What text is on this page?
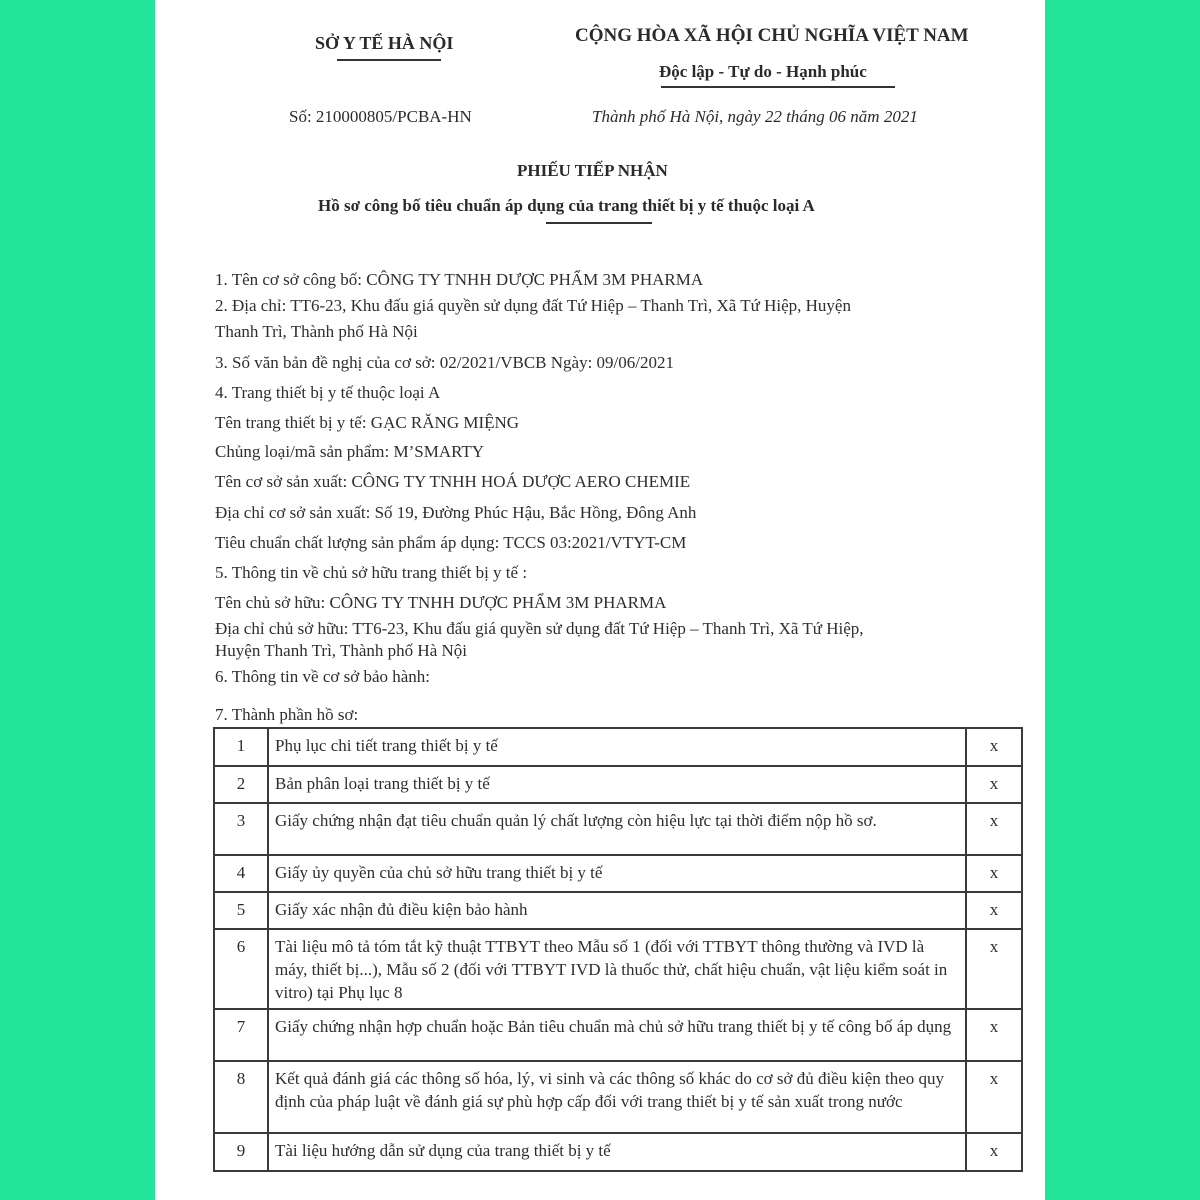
SỞ Y TẾ HÀ NỘI	CỘNG HÒA XÃ HỘI CHỦ NGHĨA VIỆT NAM
Độc lập - Tự do - Hạnh phúc
Số: 210000805/PCBA-HN	Thành phố Hà Nội, ngày 22 tháng 06 năm 2021
PHIẾU TIẾP NHẬN
Hồ sơ công bố tiêu chuẩn áp dụng của trang thiết bị y tế thuộc loại A
1. Tên cơ sở công bố: CÔNG TY TNHH DƯỢC PHẨM 3M PHARMA
2. Địa chỉ: TT6-23, Khu đấu giá quyền sử dụng đất Tứ Hiệp – Thanh Trì, Xã Tứ Hiệp, Huyện
Thanh Trì, Thành phố Hà Nội
3. Số văn bản đề nghị của cơ sở: 02/2021/VBCB Ngày: 09/06/2021
4. Trang thiết bị y tế thuộc loại A
Tên trang thiết bị y tế: GẠC RĂNG MIỆNG
Chủng loại/mã sản phẩm: M’SMARTY
Tên cơ sở sản xuất: CÔNG TY TNHH HOÁ DƯỢC AERO CHEMIE
Địa chỉ cơ sở sản xuất: Số 19, Đường Phúc Hậu, Bắc Hồng, Đông Anh
Tiêu chuẩn chất lượng sản phẩm áp dụng: TCCS 03:2021/VTYT-CM
5. Thông tin về chủ sở hữu trang thiết bị y tế :
Tên chủ sở hữu: CÔNG TY TNHH DƯỢC PHẨM 3M PHARMA
Địa chỉ chủ sở hữu: TT6-23, Khu đấu giá quyền sử dụng đất Tứ Hiệp – Thanh Trì, Xã Tứ Hiệp,
Huyện Thanh Trì, Thành phố Hà Nội
6. Thông tin về cơ sở bảo hành:
7. Thành phần hồ sơ:
1	Phụ lục chi tiết trang thiết bị y tế	x
2	Bản phân loại trang thiết bị y tế	x
3	Giấy chứng nhận đạt tiêu chuẩn quản lý chất lượng còn hiệu lực tại thời điểm nộp hồ sơ.	x
4	Giấy ủy quyền của chủ sở hữu trang thiết bị y tế	x
5	Giấy xác nhận đủ điều kiện bảo hành	x
6	Tài liệu mô tả tóm tắt kỹ thuật TTBYT theo Mẫu số 1 (đối với TTBYT thông thường và IVD là máy, thiết bị...), Mẫu số 2 (đối với TTBYT IVD là thuốc thử, chất hiệu chuẩn, vật liệu kiểm soát in vitro) tại Phụ lục 8	x
7	Giấy chứng nhận hợp chuẩn hoặc Bản tiêu chuẩn mà chủ sở hữu trang thiết bị y tế công bố áp dụng	x
8	Kết quả đánh giá các thông số hóa, lý, vi sinh và các thông số khác do cơ sở đủ điều kiện theo quy định của pháp luật về đánh giá sự phù hợp cấp đối với trang thiết bị y tế sản xuất trong nước	x
9	Tài liệu hướng dẫn sử dụng của trang thiết bị y tế	x
